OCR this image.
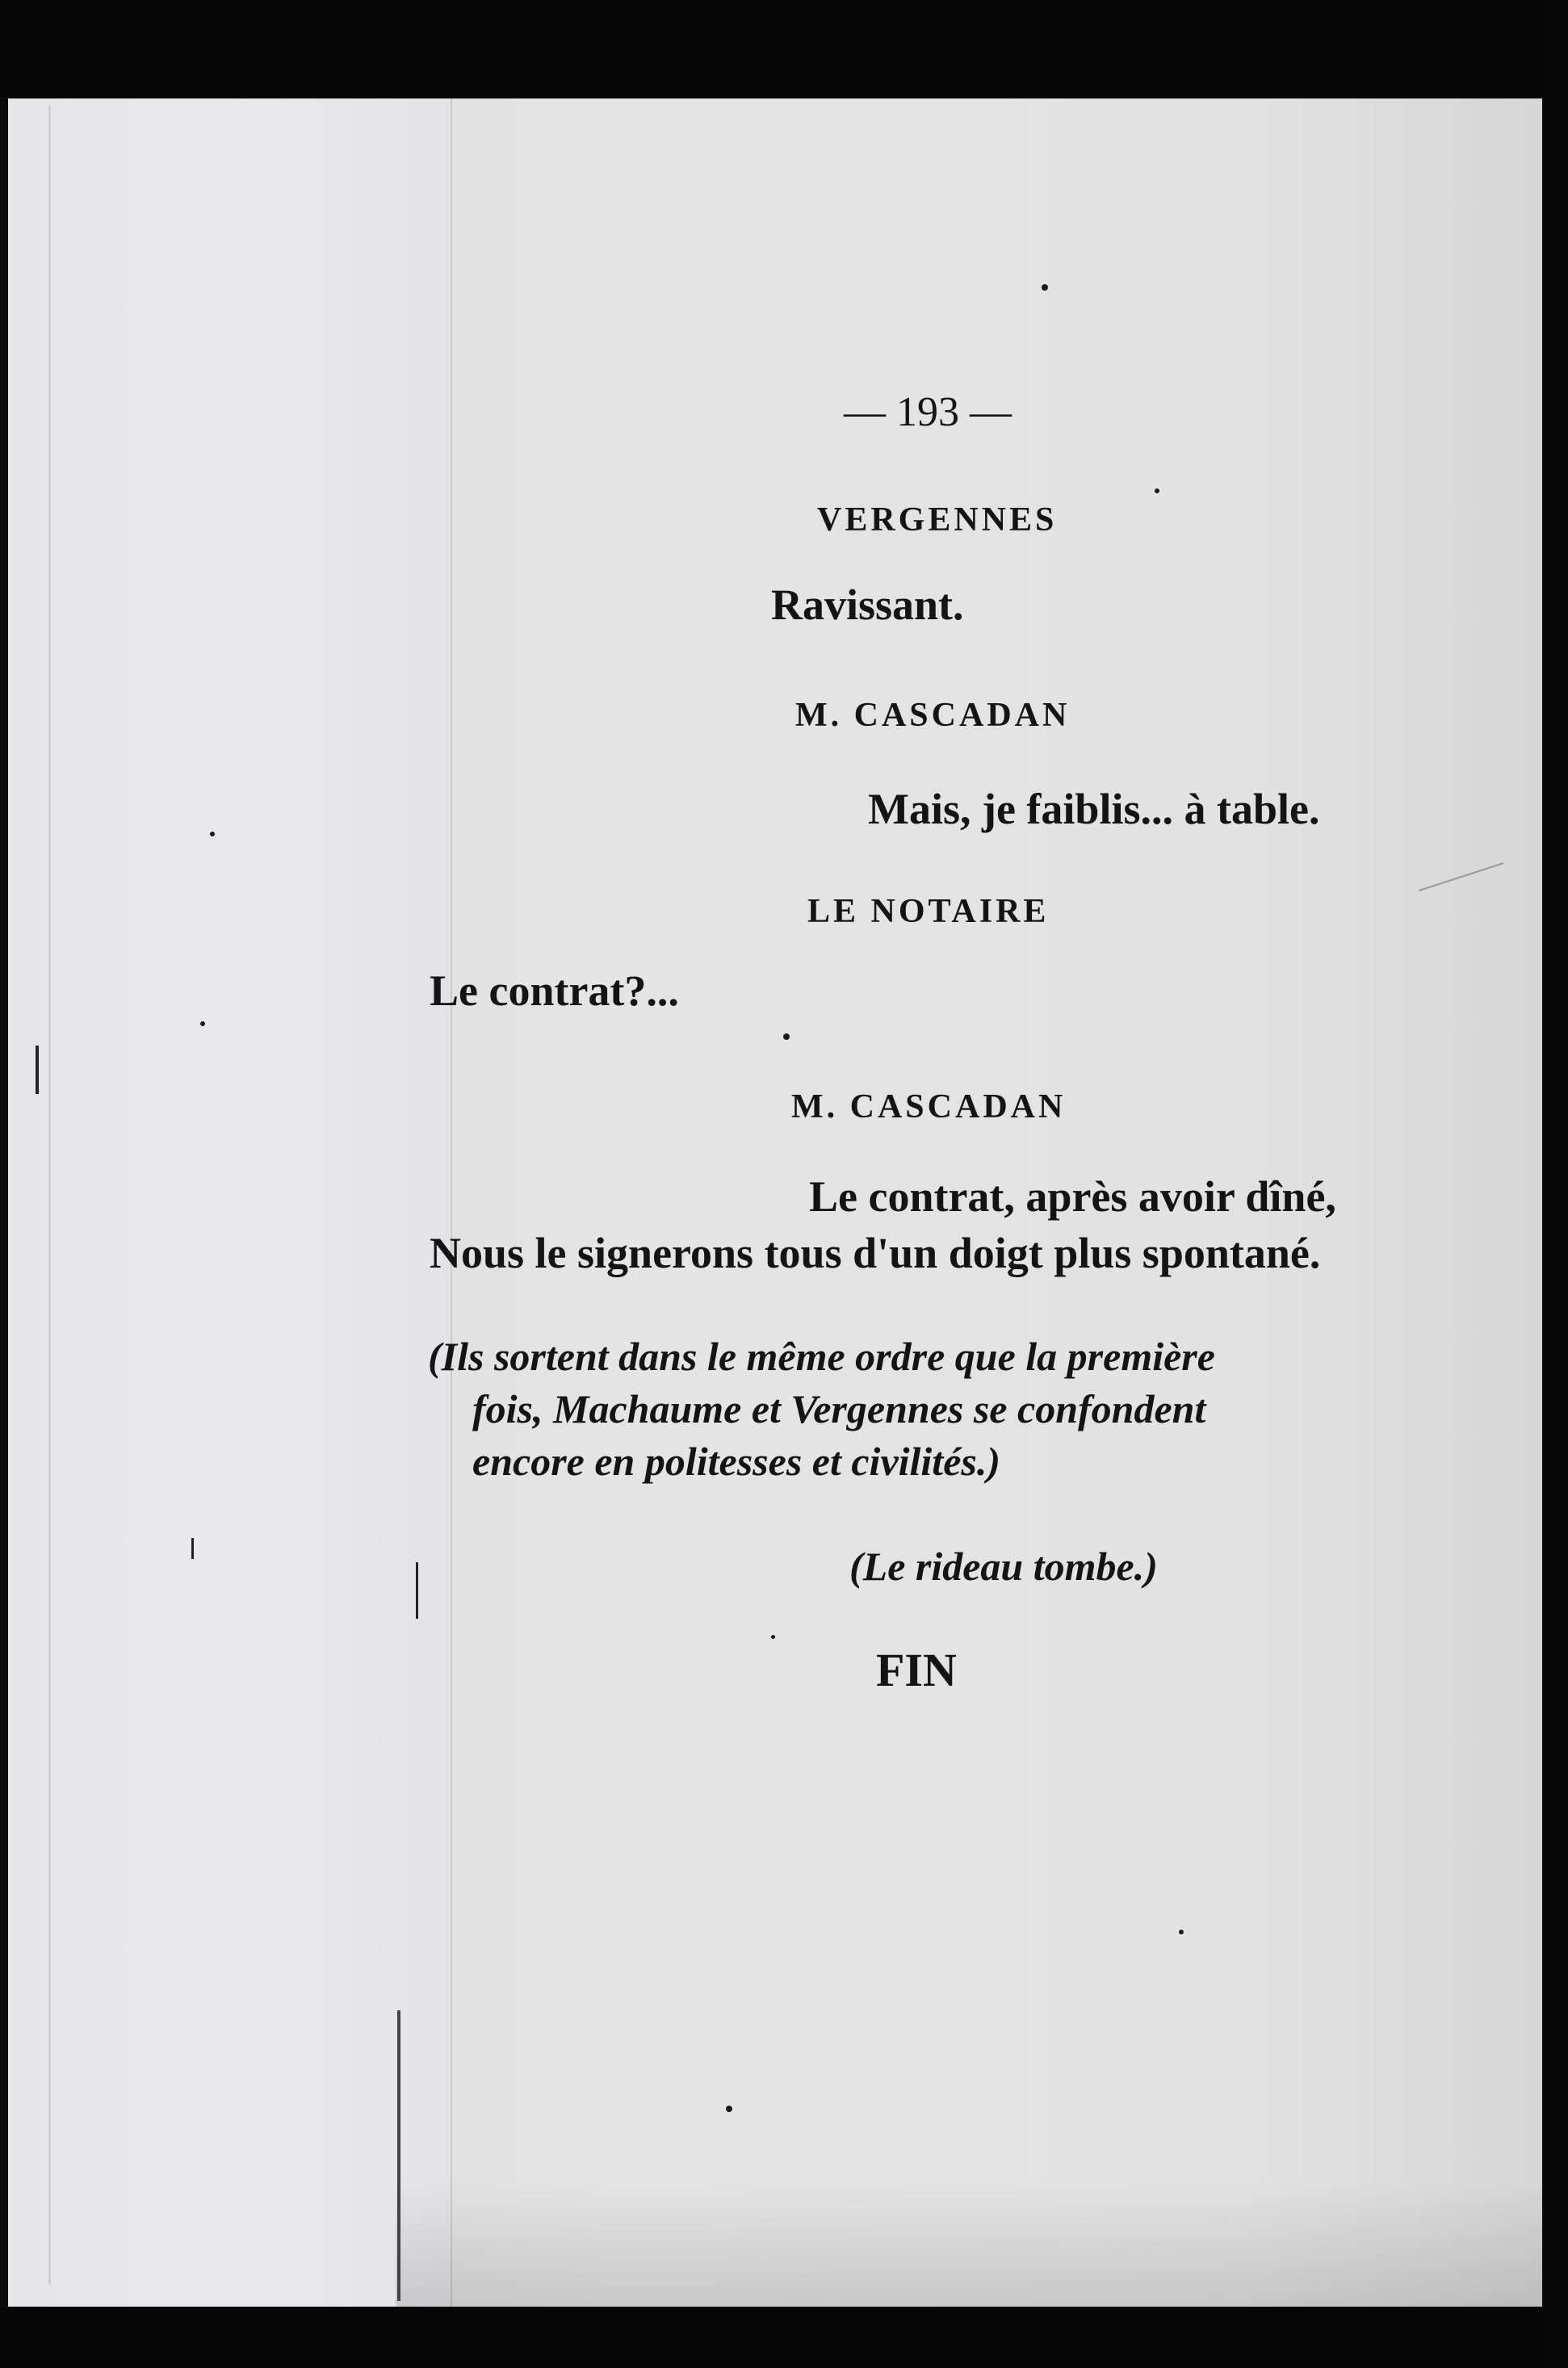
— 193 —

VERGENNES

Ravissant.

M. CASCADAN

Mais, je faiblis... à table.

LE NOTAIRE

Le contrat?...

M. CASCADAN

Le contrat, après avoir dîné,

Nous le signerons tous d'un doigt plus spontané.

(Ils sortent dans le même ordre que la première

fois, Machaume et Vergennes se confondent

encore en politesses et civilités.)

(Le rideau tombe.)

FIN
